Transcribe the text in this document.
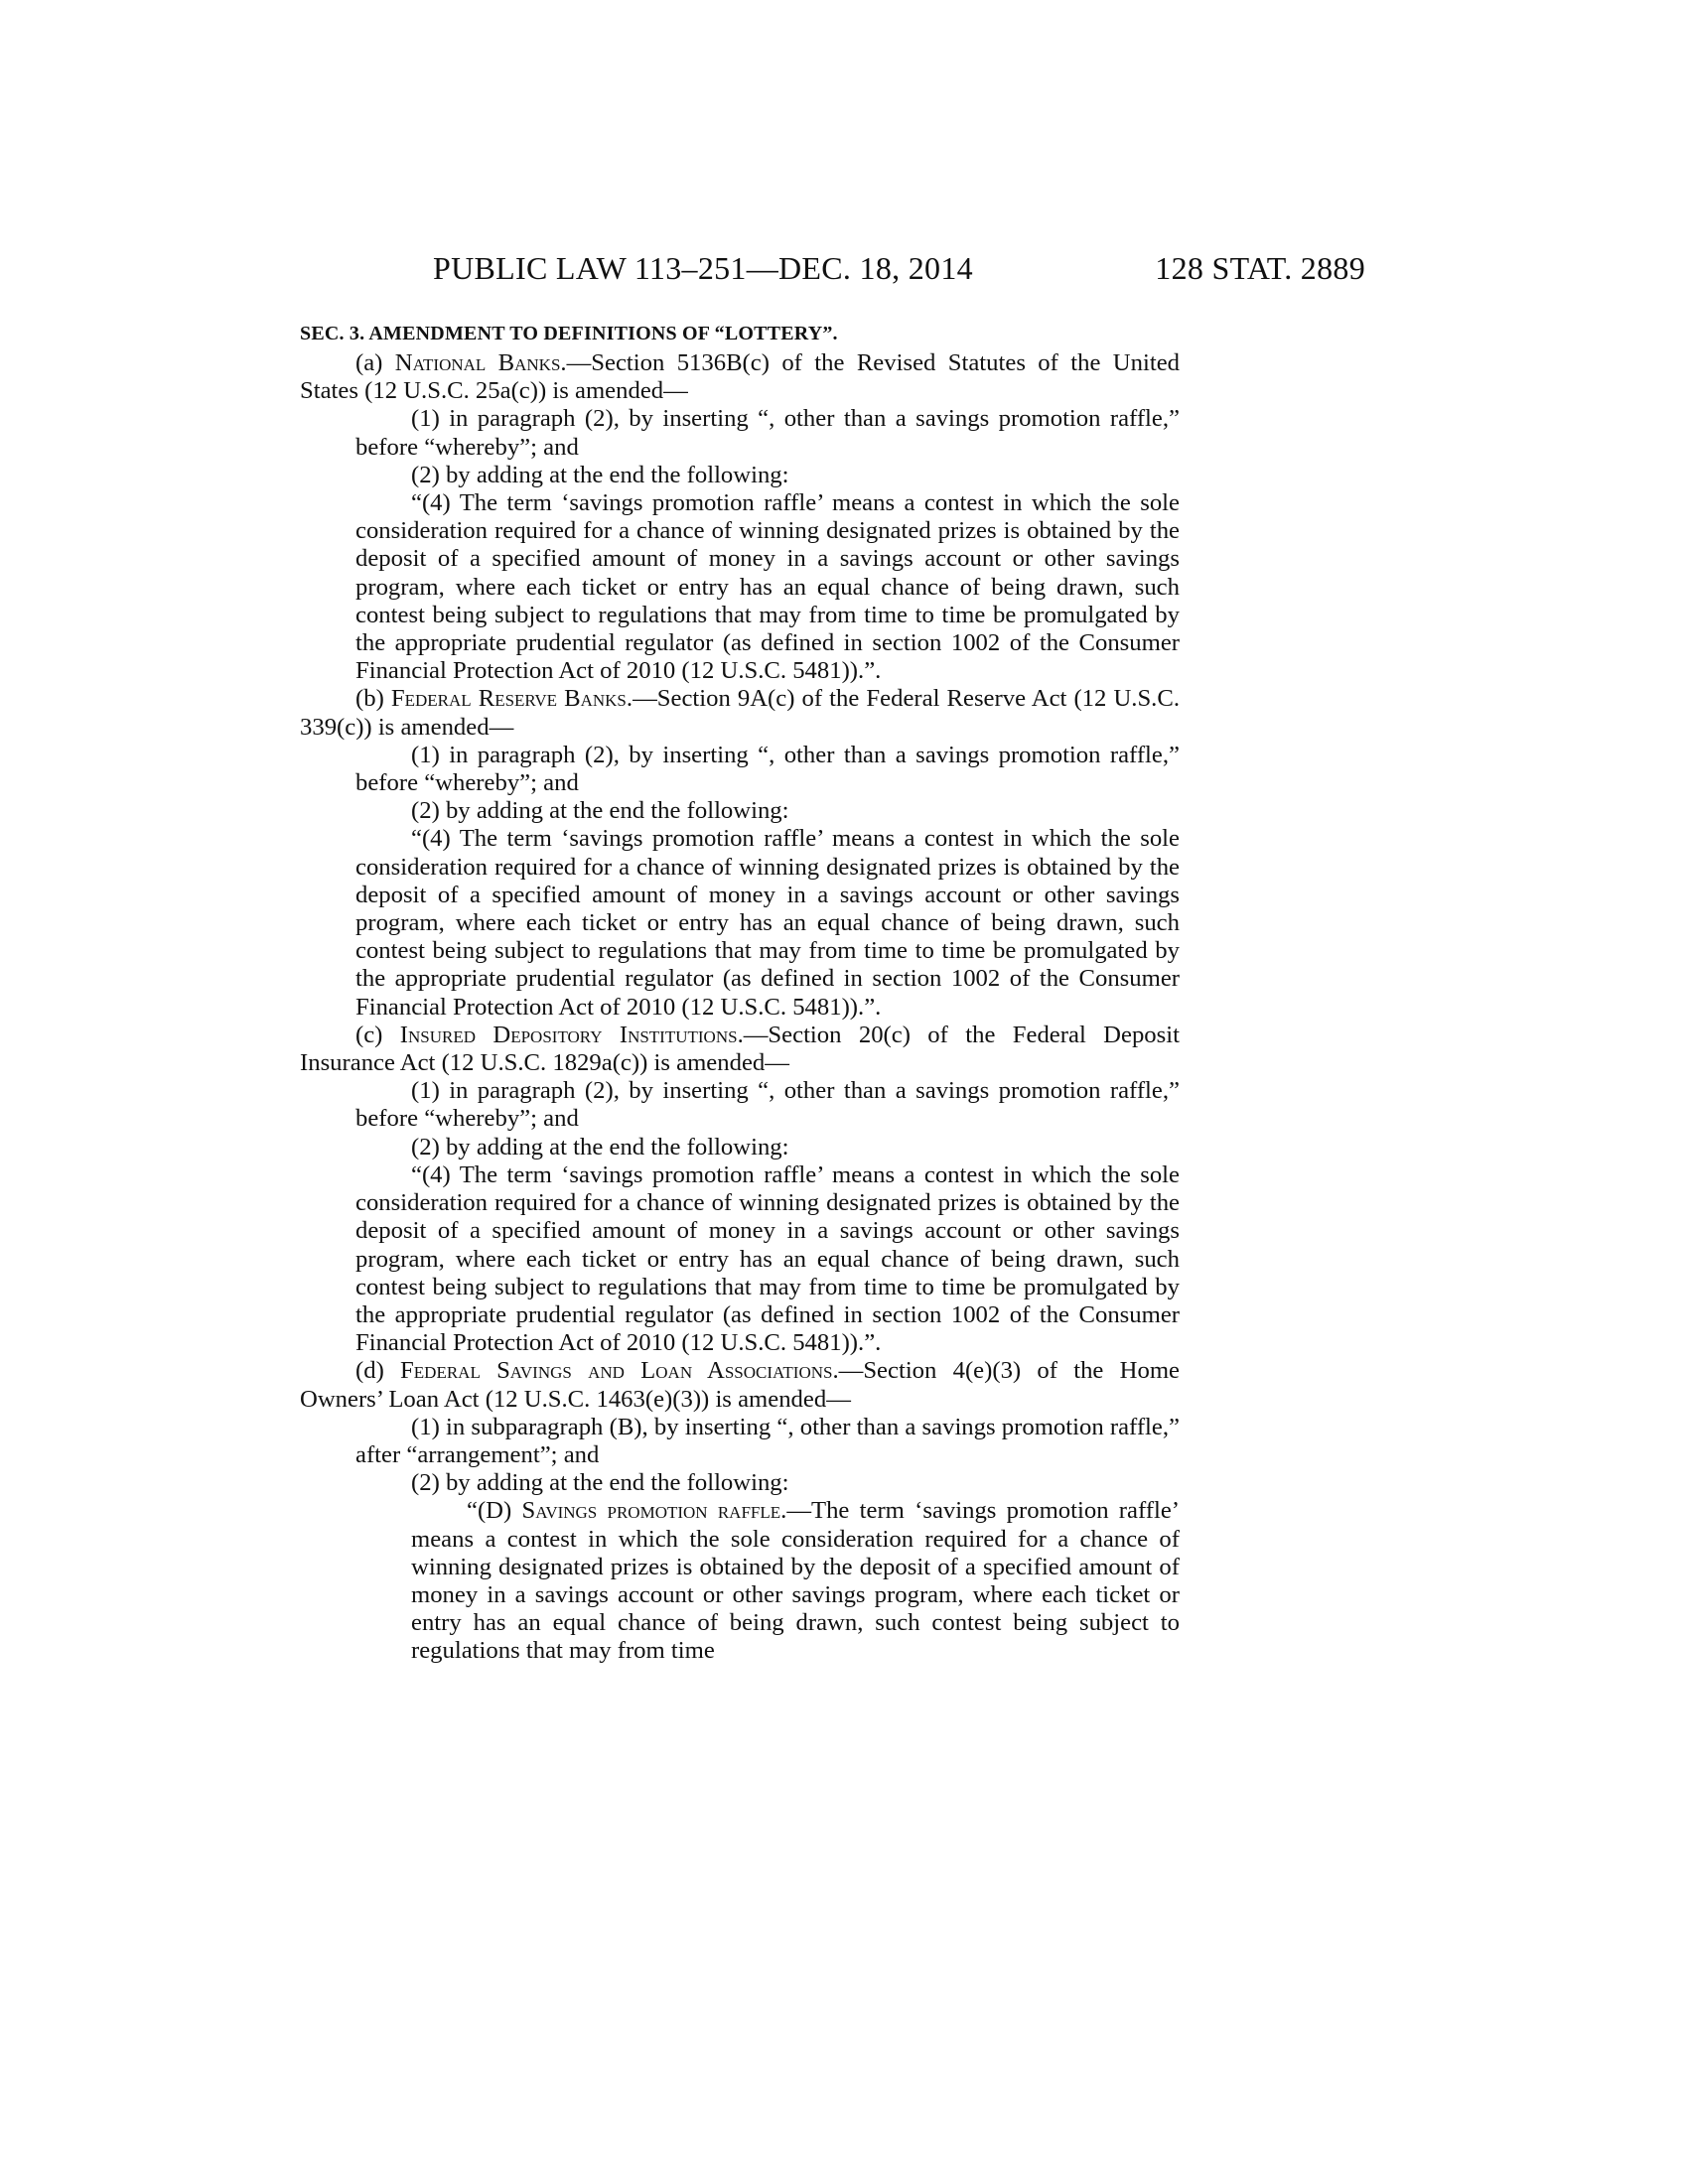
PUBLIC LAW 113–251—DEC. 18, 2014	128 STAT. 2889
SEC. 3. AMENDMENT TO DEFINITIONS OF “LOTTERY”.

(a) National Banks.—Section 5136B(c) of the Revised Statutes of the United States (12 U.S.C. 25a(c)) is amended—

(1) in paragraph (2), by inserting “, other than a savings promotion raffle,” before “whereby”; and

(2) by adding at the end the following:

“(4) The term ‘savings promotion raffle’ means a contest in which the sole consideration required for a chance of winning designated prizes is obtained by the deposit of a specified amount of money in a savings account or other savings program, where each ticket or entry has an equal chance of being drawn, such contest being subject to regulations that may from time to time be promulgated by the appropriate prudential regulator (as defined in section 1002 of the Consumer Financial Protection Act of 2010 (12 U.S.C. 5481)).”.

(b) Federal Reserve Banks.—Section 9A(c) of the Federal Reserve Act (12 U.S.C. 339(c)) is amended—

(1) in paragraph (2), by inserting “, other than a savings promotion raffle,” before “whereby”; and

(2) by adding at the end the following:

“(4) The term ‘savings promotion raffle’ means a contest in which the sole consideration required for a chance of winning designated prizes is obtained by the deposit of a specified amount of money in a savings account or other savings program, where each ticket or entry has an equal chance of being drawn, such contest being subject to regulations that may from time to time be promulgated by the appropriate prudential regulator (as defined in section 1002 of the Consumer Financial Protection Act of 2010 (12 U.S.C. 5481)).”.

(c) Insured Depository Institutions.—Section 20(c) of the Federal Deposit Insurance Act (12 U.S.C. 1829a(c)) is amended—

(1) in paragraph (2), by inserting “, other than a savings promotion raffle,” before “whereby”; and

(2) by adding at the end the following:

“(4) The term ‘savings promotion raffle’ means a contest in which the sole consideration required for a chance of winning designated prizes is obtained by the deposit of a specified amount of money in a savings account or other savings program, where each ticket or entry has an equal chance of being drawn, such contest being subject to regulations that may from time to time be promulgated by the appropriate prudential regulator (as defined in section 1002 of the Consumer Financial Protection Act of 2010 (12 U.S.C. 5481)).”.

(d) Federal Savings and Loan Associations.—Section 4(e)(3) of the Home Owners’ Loan Act (12 U.S.C. 1463(e)(3)) is amended—

(1) in subparagraph (B), by inserting “, other than a savings promotion raffle,” after “arrangement”; and

(2) by adding at the end the following:

“(D) Savings promotion raffle.—The term ‘savings promotion raffle’ means a contest in which the sole consideration required for a chance of winning designated prizes is obtained by the deposit of a specified amount of money in a savings account or other savings program, where each ticket or entry has an equal chance of being drawn, such contest being subject to regulations that may from time
